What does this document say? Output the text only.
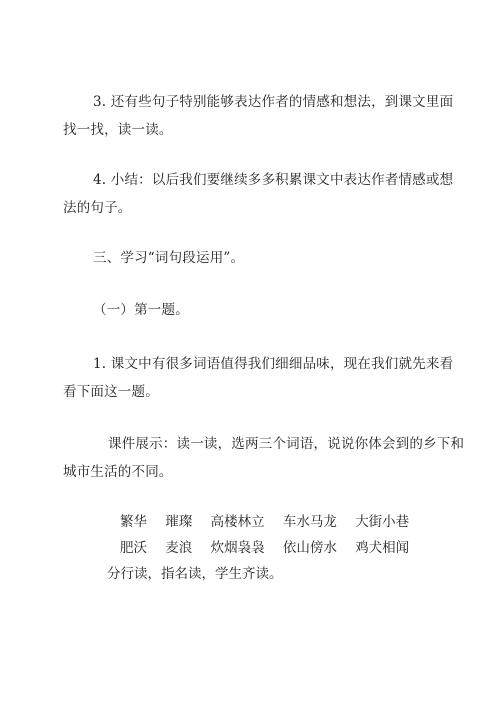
3. 还有些句子特别能够表达作者的情感和想法，到课文里面
找一找，读一读。

4. 小结：以后我们要继续多多积累课文中表达作者情感或想
法的句子。

三、学习“词句段运用”。

（一）第一题。

1. 课文中有很多词语值得我们细细品味，现在我们就先来看
看下面这一题。

课件展示：读一读，选两三个词语，说说你体会到的乡下和
城市生活的不同。

繁华 璀璨 高楼林立 车水马龙 大街小巷

肥沃 麦浪 炊烟袅袅 依山傍水 鸡犬相闻

分行读，指名读，学生齐读。
